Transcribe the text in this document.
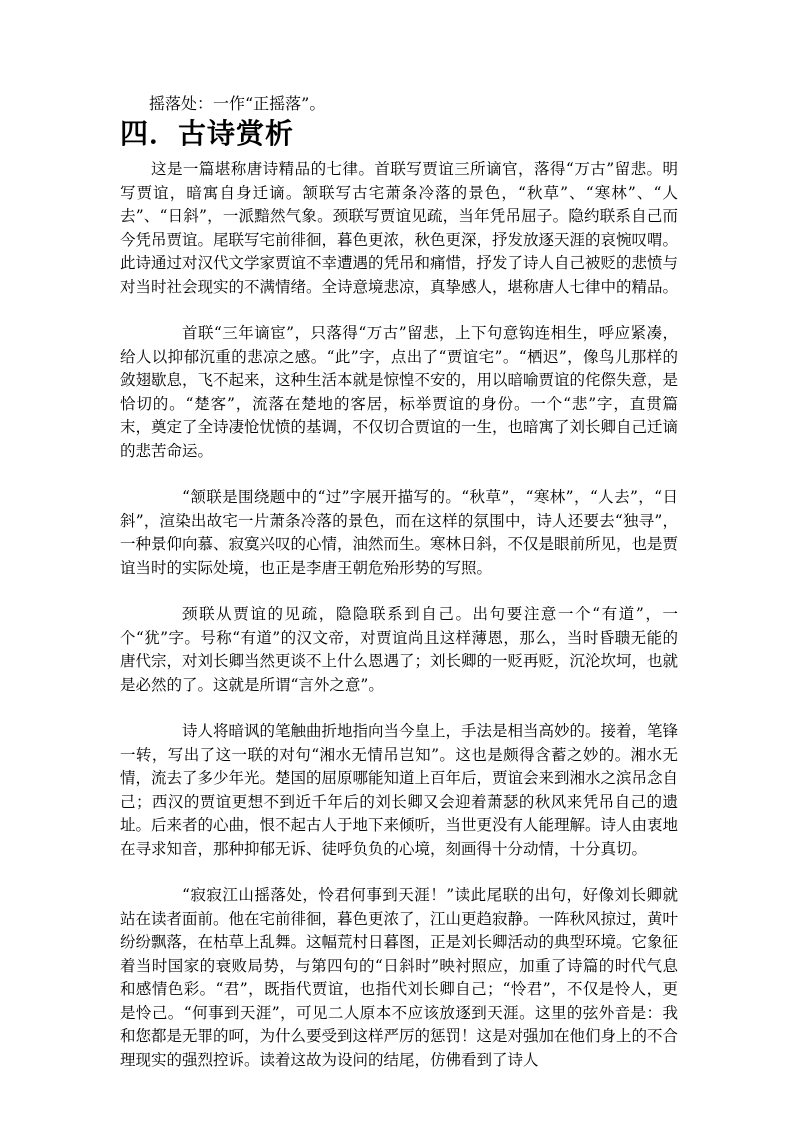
摇落处：一作“正摇落”。

四．古诗赏析

这是一篇堪称唐诗精品的七律。首联写贾谊三所谪官，落得“万古”留悲。明写贾谊，暗寓自身迁谪。颔联写古宅萧条冷落的景色，“秋草”、“寒林”、“人去”、“日斜”，一派黯然气象。颈联写贾谊见疏，当年凭吊屈子。隐约联系自己而今凭吊贾谊。尾联写宅前徘徊，暮色更浓，秋色更深，抒发放逐天涯的哀惋叹喟。此诗通过对汉代文学家贾谊不幸遭遇的凭吊和痛惜，抒发了诗人自己被贬的悲愤与对当时社会现实的不满情绪。全诗意境悲凉，真挚感人，堪称唐人七律中的精品。

首联“三年谪宦”，只落得“万古”留悲，上下句意钩连相生，呼应紧凑，给人以抑郁沉重的悲凉之感。“此”字，点出了“贾谊宅”。“栖迟”，像鸟儿那样的敛翅歇息，飞不起来，这种生活本就是惊惶不安的，用以暗喻贾谊的侘傺失意，是恰切的。“楚客”，流落在楚地的客居，标举贾谊的身份。一个“悲”字，直贯篇末，奠定了全诗凄怆忧愤的基调，不仅切合贾谊的一生，也暗寓了刘长卿自己迁谪的悲苦命运。

“颔联是围绕题中的“过”字展开描写的。“秋草”，“寒林”，“人去”，“日斜”，渲染出故宅一片萧条冷落的景色，而在这样的氛围中，诗人还要去“独寻”，一种景仰向慕、寂寞兴叹的心情，油然而生。寒林日斜，不仅是眼前所见，也是贾谊当时的实际处境，也正是李唐王朝危殆形势的写照。

颈联从贾谊的见疏，隐隐联系到自己。出句要注意一个“有道”，一个“犹”字。号称“有道”的汉文帝，对贾谊尚且这样薄恩，那么，当时昏聩无能的唐代宗，对刘长卿当然更谈不上什么恩遇了；刘长卿的一贬再贬，沉沦坎坷，也就是必然的了。这就是所谓“言外之意”。

诗人将暗讽的笔触曲折地指向当今皇上，手法是相当高妙的。接着，笔锋一转，写出了这一联的对句“湘水无情吊岂知”。这也是颇得含蓄之妙的。湘水无情，流去了多少年光。楚国的屈原哪能知道上百年后，贾谊会来到湘水之滨吊念自己；西汉的贾谊更想不到近千年后的刘长卿又会迎着萧瑟的秋风来凭吊自己的遗址。后来者的心曲，恨不起古人于地下来倾听，当世更没有人能理解。诗人由衷地在寻求知音，那种抑郁无诉、徒呼负负的心境，刻画得十分动情，十分真切。

“寂寂江山摇落处，怜君何事到天涯！”读此尾联的出句，好像刘长卿就站在读者面前。他在宅前徘徊，暮色更浓了，江山更趋寂静。一阵秋风掠过，黄叶纷纷飘落，在枯草上乱舞。这幅荒村日暮图，正是刘长卿活动的典型环境。它象征着当时国家的衰败局势，与第四句的“日斜时”映衬照应，加重了诗篇的时代气息和感情色彩。“君”，既指代贾谊，也指代刘长卿自己；“怜君”，不仅是怜人，更是怜己。“何事到天涯”，可见二人原本不应该放逐到天涯。这里的弦外音是：我和您都是无罪的呵，为什么要受到这样严厉的惩罚！这是对强加在他们身上的不合理现实的强烈控诉。读着这故为设问的结尾，仿佛看到了诗人
